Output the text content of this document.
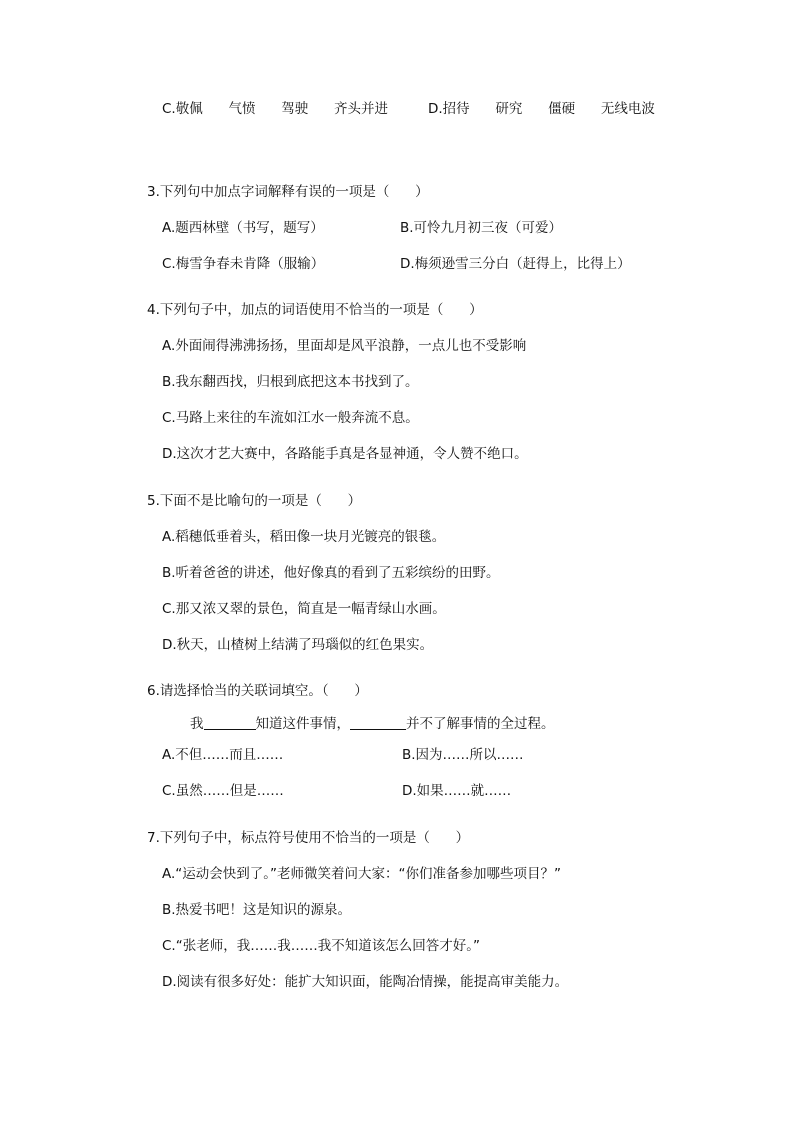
C.敬佩      气愤      驾驶      齐头并进	D.招待      研究      僵硬      无线电波
3.下列句中加点字词解释有误的一项是（      ）
A.题西林壁（书写，题写）	B.可怜九月初三夜（可爱）
C.梅雪争春未肯降（服输）	D.梅须逊雪三分白（赶得上，比得上）
4.下列句子中，加点的词语使用不恰当的一项是（      ）
A.外面闹得沸沸扬扬，里面却是风平浪静，一点儿也不受影响
B.我东翻西找，归根到底把这本书找到了。
C.马路上来往的车流如江水一般奔流不息。
D.这次才艺大赛中，各路能手真是各显神通，令人赞不绝口。
5.下面不是比喻句的一项是（      ）
A.稻穗低垂着头，稻田像一块月光镀亮的银毯。
B.听着爸爸的讲述，他好像真的看到了五彩缤纷的田野。
C.那又浓又翠的景色，简直是一幅青绿山水画。
D.秋天，山楂树上结满了玛瑙似的红色果实。
6.请选择恰当的关联词填空。（      ）
我	知道这件事情，	并不了解事情的全过程。
A.不但……而且……	B.因为……所以……
C.虽然……但是……	D.如果……就……
7.下列句子中，标点符号使用不恰当的一项是（      ）
A.“运动会快到了。”老师微笑着问大家：“你们准备参加哪些项目？”
B.热爱书吧！这是知识的源泉。
C.“张老师，我……我……我不知道该怎么回答才好。”
D.阅读有很多好处：能扩大知识面，能陶冶情操，能提高审美能力。
